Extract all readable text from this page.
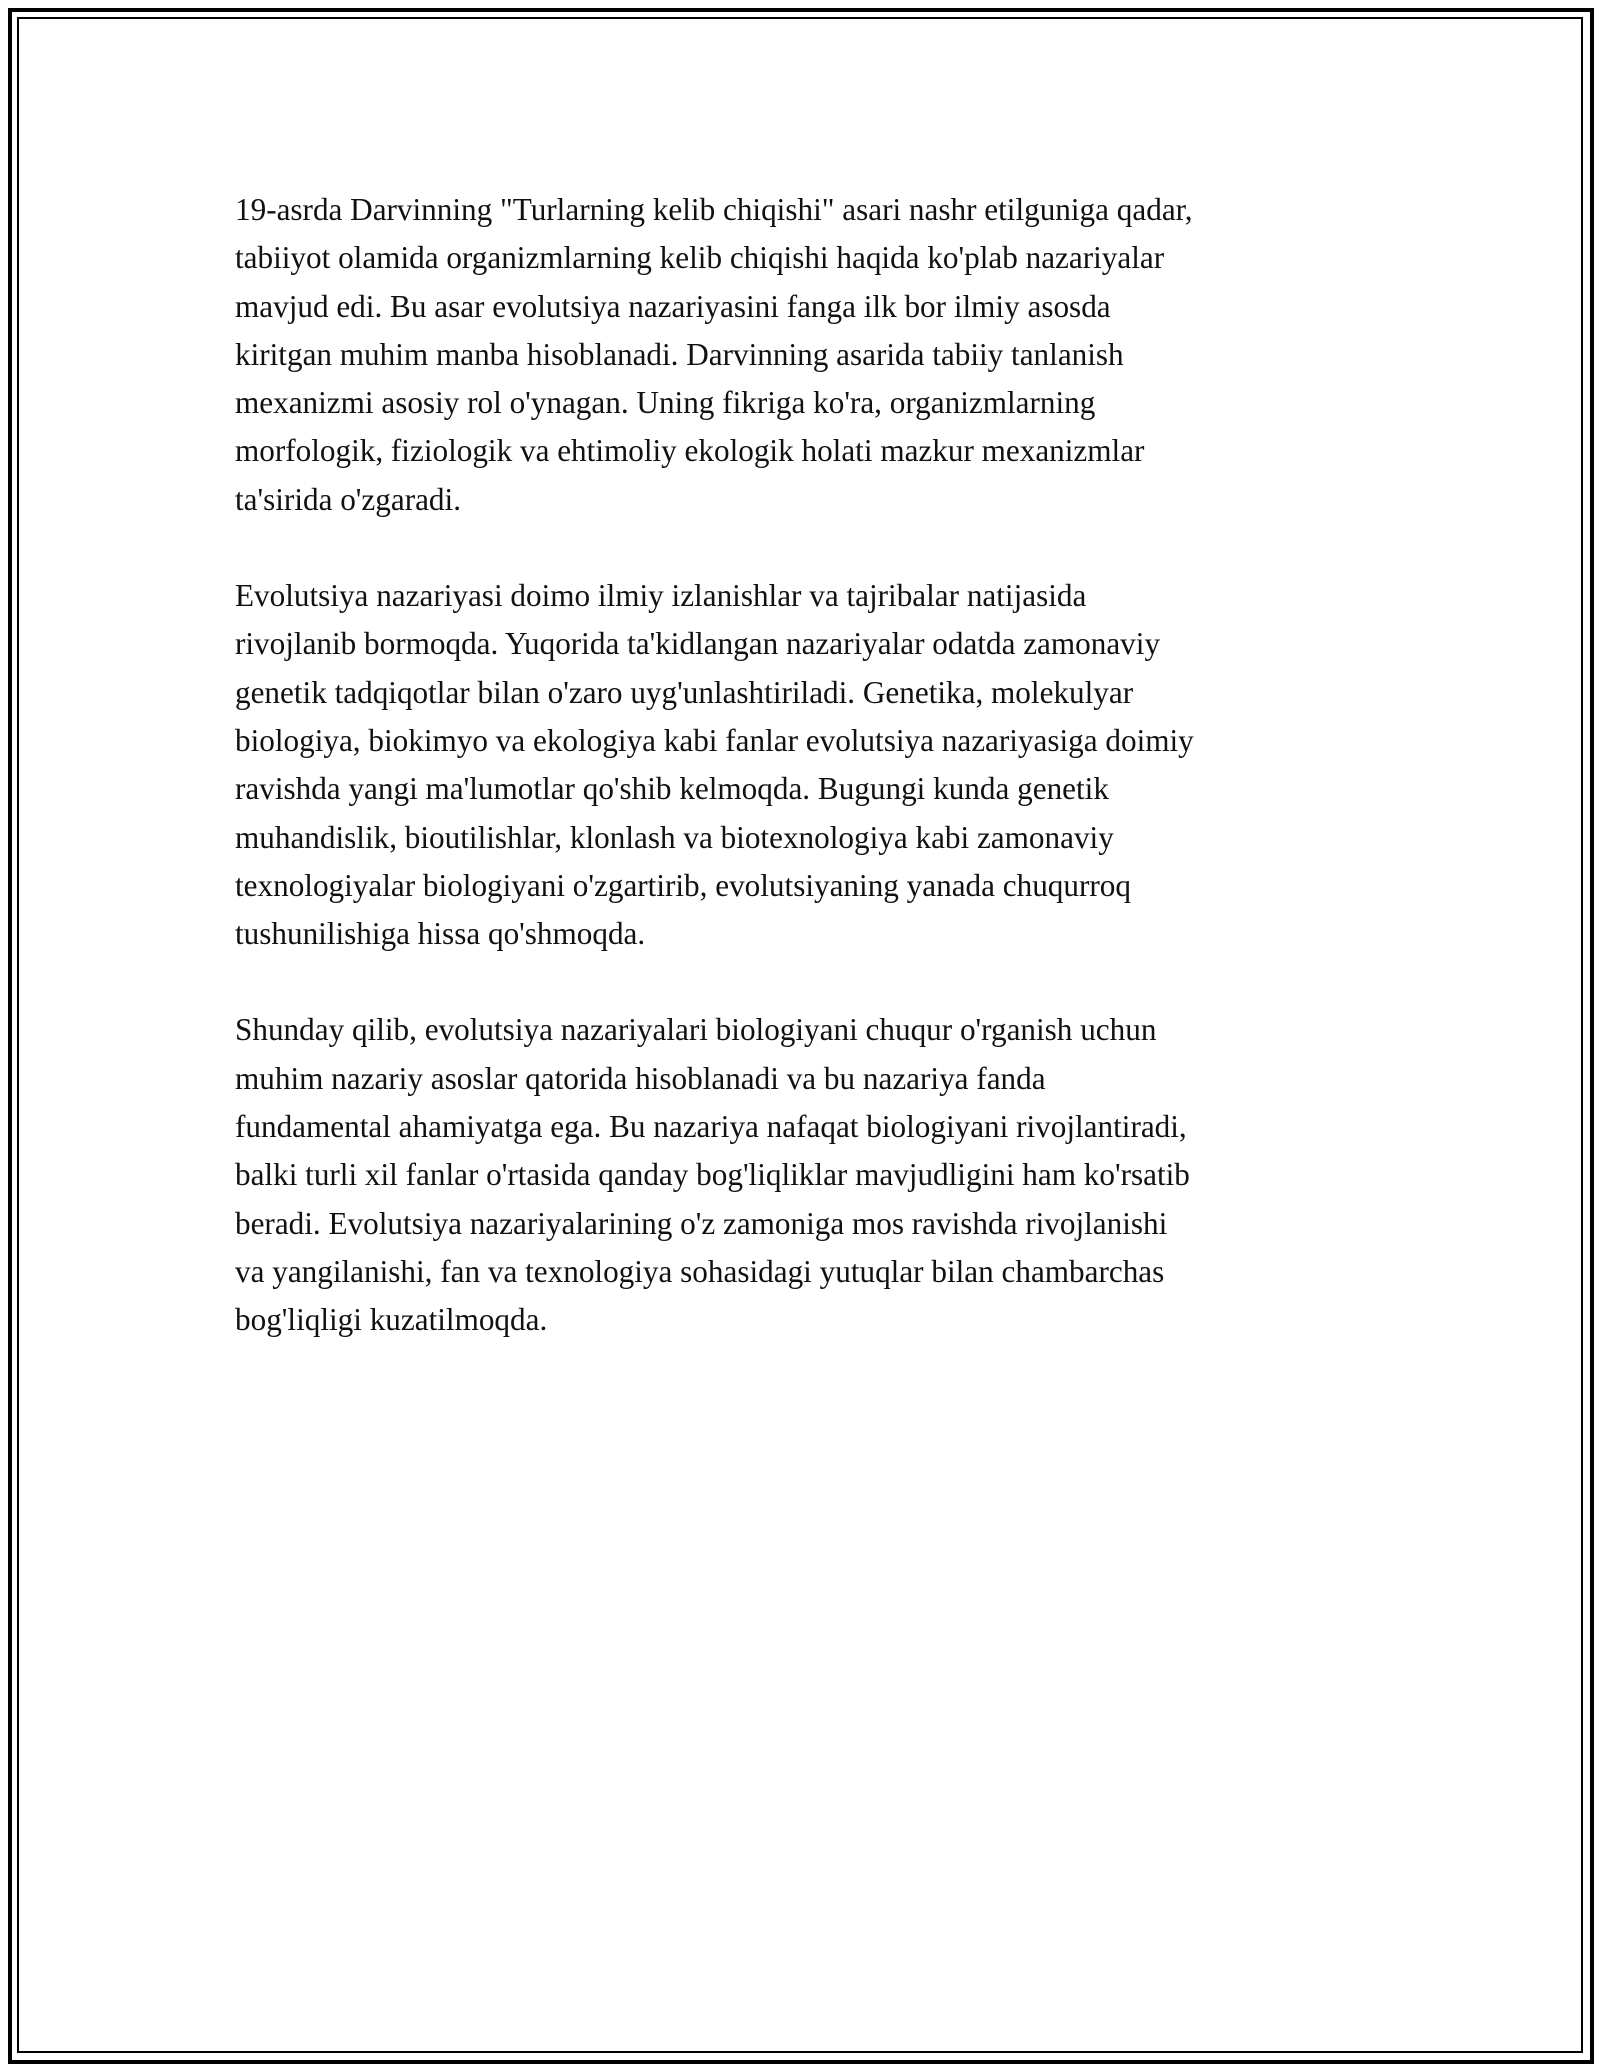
19-asrda Darvinning "Turlarning kelib chiqishi" asari nashr etilguniga qadar,
tabiiyot olamida organizmlarning kelib chiqishi haqida ko'plab nazariyalar
mavjud edi. Bu asar evolutsiya nazariyasini fanga ilk bor ilmiy asosda
kiritgan muhim manba hisoblanadi. Darvinning asarida tabiiy tanlanish
mexanizmi asosiy rol o'ynagan. Uning fikriga ko'ra, organizmlarning
morfologik, fiziologik va ehtimoliy ekologik holati mazkur mexanizmlar
ta'sirida o'zgaradi.

Evolutsiya nazariyasi doimo ilmiy izlanishlar va tajribalar natijasida
rivojlanib bormoqda. Yuqorida ta'kidlangan nazariyalar odatda zamonaviy
genetik tadqiqotlar bilan o'zaro uyg'unlashtiriladi. Genetika, molekulyar
biologiya, biokimyo va ekologiya kabi fanlar evolutsiya nazariyasiga doimiy
ravishda yangi ma'lumotlar qo'shib kelmoqda. Bugungi kunda genetik
muhandislik, bioutilishlar, klonlash va biotexnologiya kabi zamonaviy
texnologiyalar biologiyani o'zgartirib, evolutsiyaning yanada chuqurroq
tushunilishiga hissa qo'shmoqda.

Shunday qilib, evolutsiya nazariyalari biologiyani chuqur o'rganish uchun
muhim nazariy asoslar qatorida hisoblanadi va bu nazariya fanda
fundamental ahamiyatga ega. Bu nazariya nafaqat biologiyani rivojlantiradi,
balki turli xil fanlar o'rtasida qanday bog'liqliklar mavjudligini ham ko'rsatib
beradi. Evolutsiya nazariyalarining o'z zamoniga mos ravishda rivojlanishi
va yangilanishi, fan va texnologiya sohasidagi yutuqlar bilan chambarchas
bog'liqligi kuzatilmoqda.
